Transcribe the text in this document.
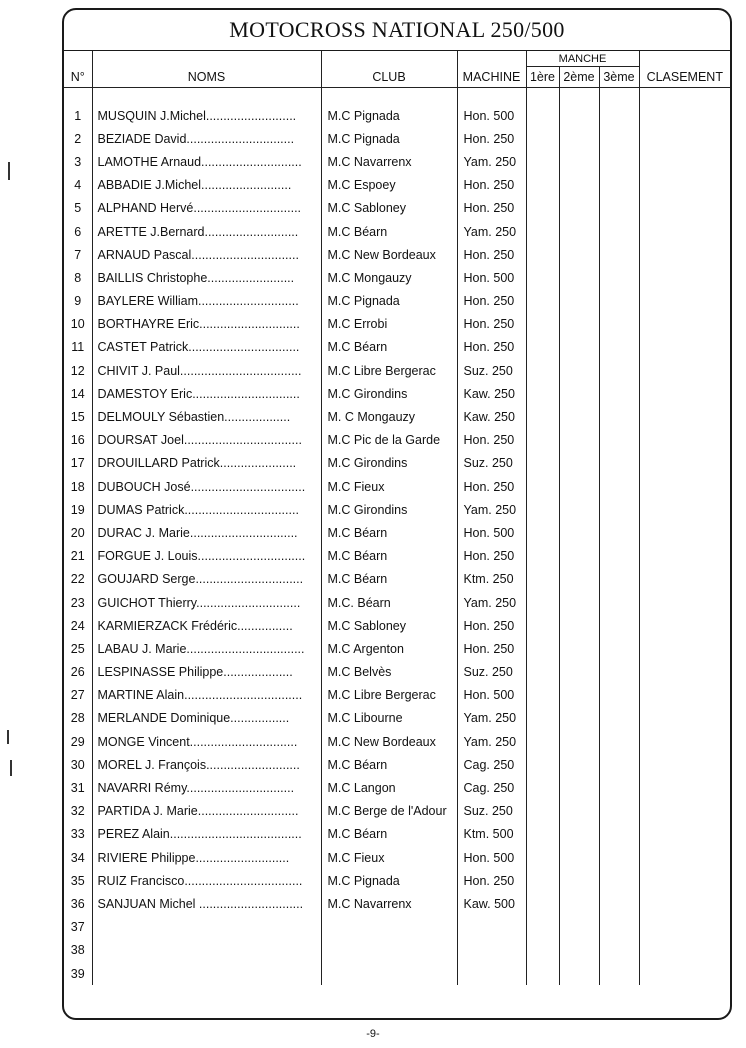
MOTOCROSS NATIONAL 250/500
				MANCHE			
N°	NOMS	CLUB	MACHINE	1ère	2ème	3ème	CLASEMENT

1	MUSQUIN J.Michel..........................	M.C Pignada	Hon. 500				
2	BEZIADE David...............................	M.C Pignada	Hon. 250				
3	LAMOTHE Arnaud.............................	M.C Navarrenx	Yam. 250				
4	ABBADIE J.Michel..........................	M.C Espoey	Hon. 250				
5	ALPHAND Hervé...............................	M.C Sabloney	Hon. 250				
6	ARETTE J.Bernard...........................	M.C Béarn	Yam. 250				
7	ARNAUD Pascal...............................	M.C New Bordeaux	Hon. 250				
8	BAILLIS Christophe.........................	M.C Mongauzy	Hon. 500				
9	BAYLERE William.............................	M.C Pignada	Hon. 250				
10	BORTHAYRE Eric.............................	M.C Errobi	Hon. 250				
11	CASTET Patrick................................	M.C Béarn	Hon. 250				
12	CHIVIT J. Paul...................................	M.C Libre Bergerac	Suz. 250				
14	DAMESTOY Eric...............................	M.C Girondins	Kaw. 250				
15	DELMOULY Sébastien...................	M. C Mongauzy	Kaw. 250				
16	DOURSAT Joel..................................	M.C Pic de la Garde	Hon. 250				
17	DROUILLARD Patrick......................	M.C Girondins	Suz. 250				
18	DUBOUCH José.................................	M.C Fieux	Hon. 250				
19	DUMAS Patrick.................................	M.C Girondins	Yam. 250				
20	DURAC J. Marie...............................	M.C Béarn	Hon. 500				
21	FORGUE J. Louis...............................	M.C Béarn	Hon. 250				
22	GOUJARD Serge...............................	M.C Béarn	Ktm. 250				
23	GUICHOT Thierry..............................	M.C. Béarn	Yam. 250				
24	KARMIERZACK Frédéric................	M.C Sabloney	Hon. 250				
25	LABAU J. Marie..................................	M.C Argenton	Hon. 250				
26	LESPINASSE Philippe....................	M.C Belvès	Suz. 250				
27	MARTINE Alain..................................	M.C Libre Bergerac	Hon. 500				
28	MERLANDE Dominique.................	M.C Libourne	Yam. 250				
29	MONGE Vincent...............................	M.C New Bordeaux	Yam. 250				
30	MOREL J. François...........................	M.C Béarn	Cag. 250				
31	NAVARRI Rémy...............................	M.C Langon	Cag. 250				
32	PARTIDA J. Marie.............................	M.C Berge de l'Adour	Suz. 250				
33	PEREZ Alain......................................	M.C Béarn	Ktm. 500				
34	RIVIERE Philippe...........................	M.C Fieux	Hon. 500				
35	RUIZ Francisco..................................	M.C Pignada	Hon. 250				
36	SANJUAN Michel ..............................	M.C Navarrenx	Kaw. 500				
37							
38							
39							
-9-
